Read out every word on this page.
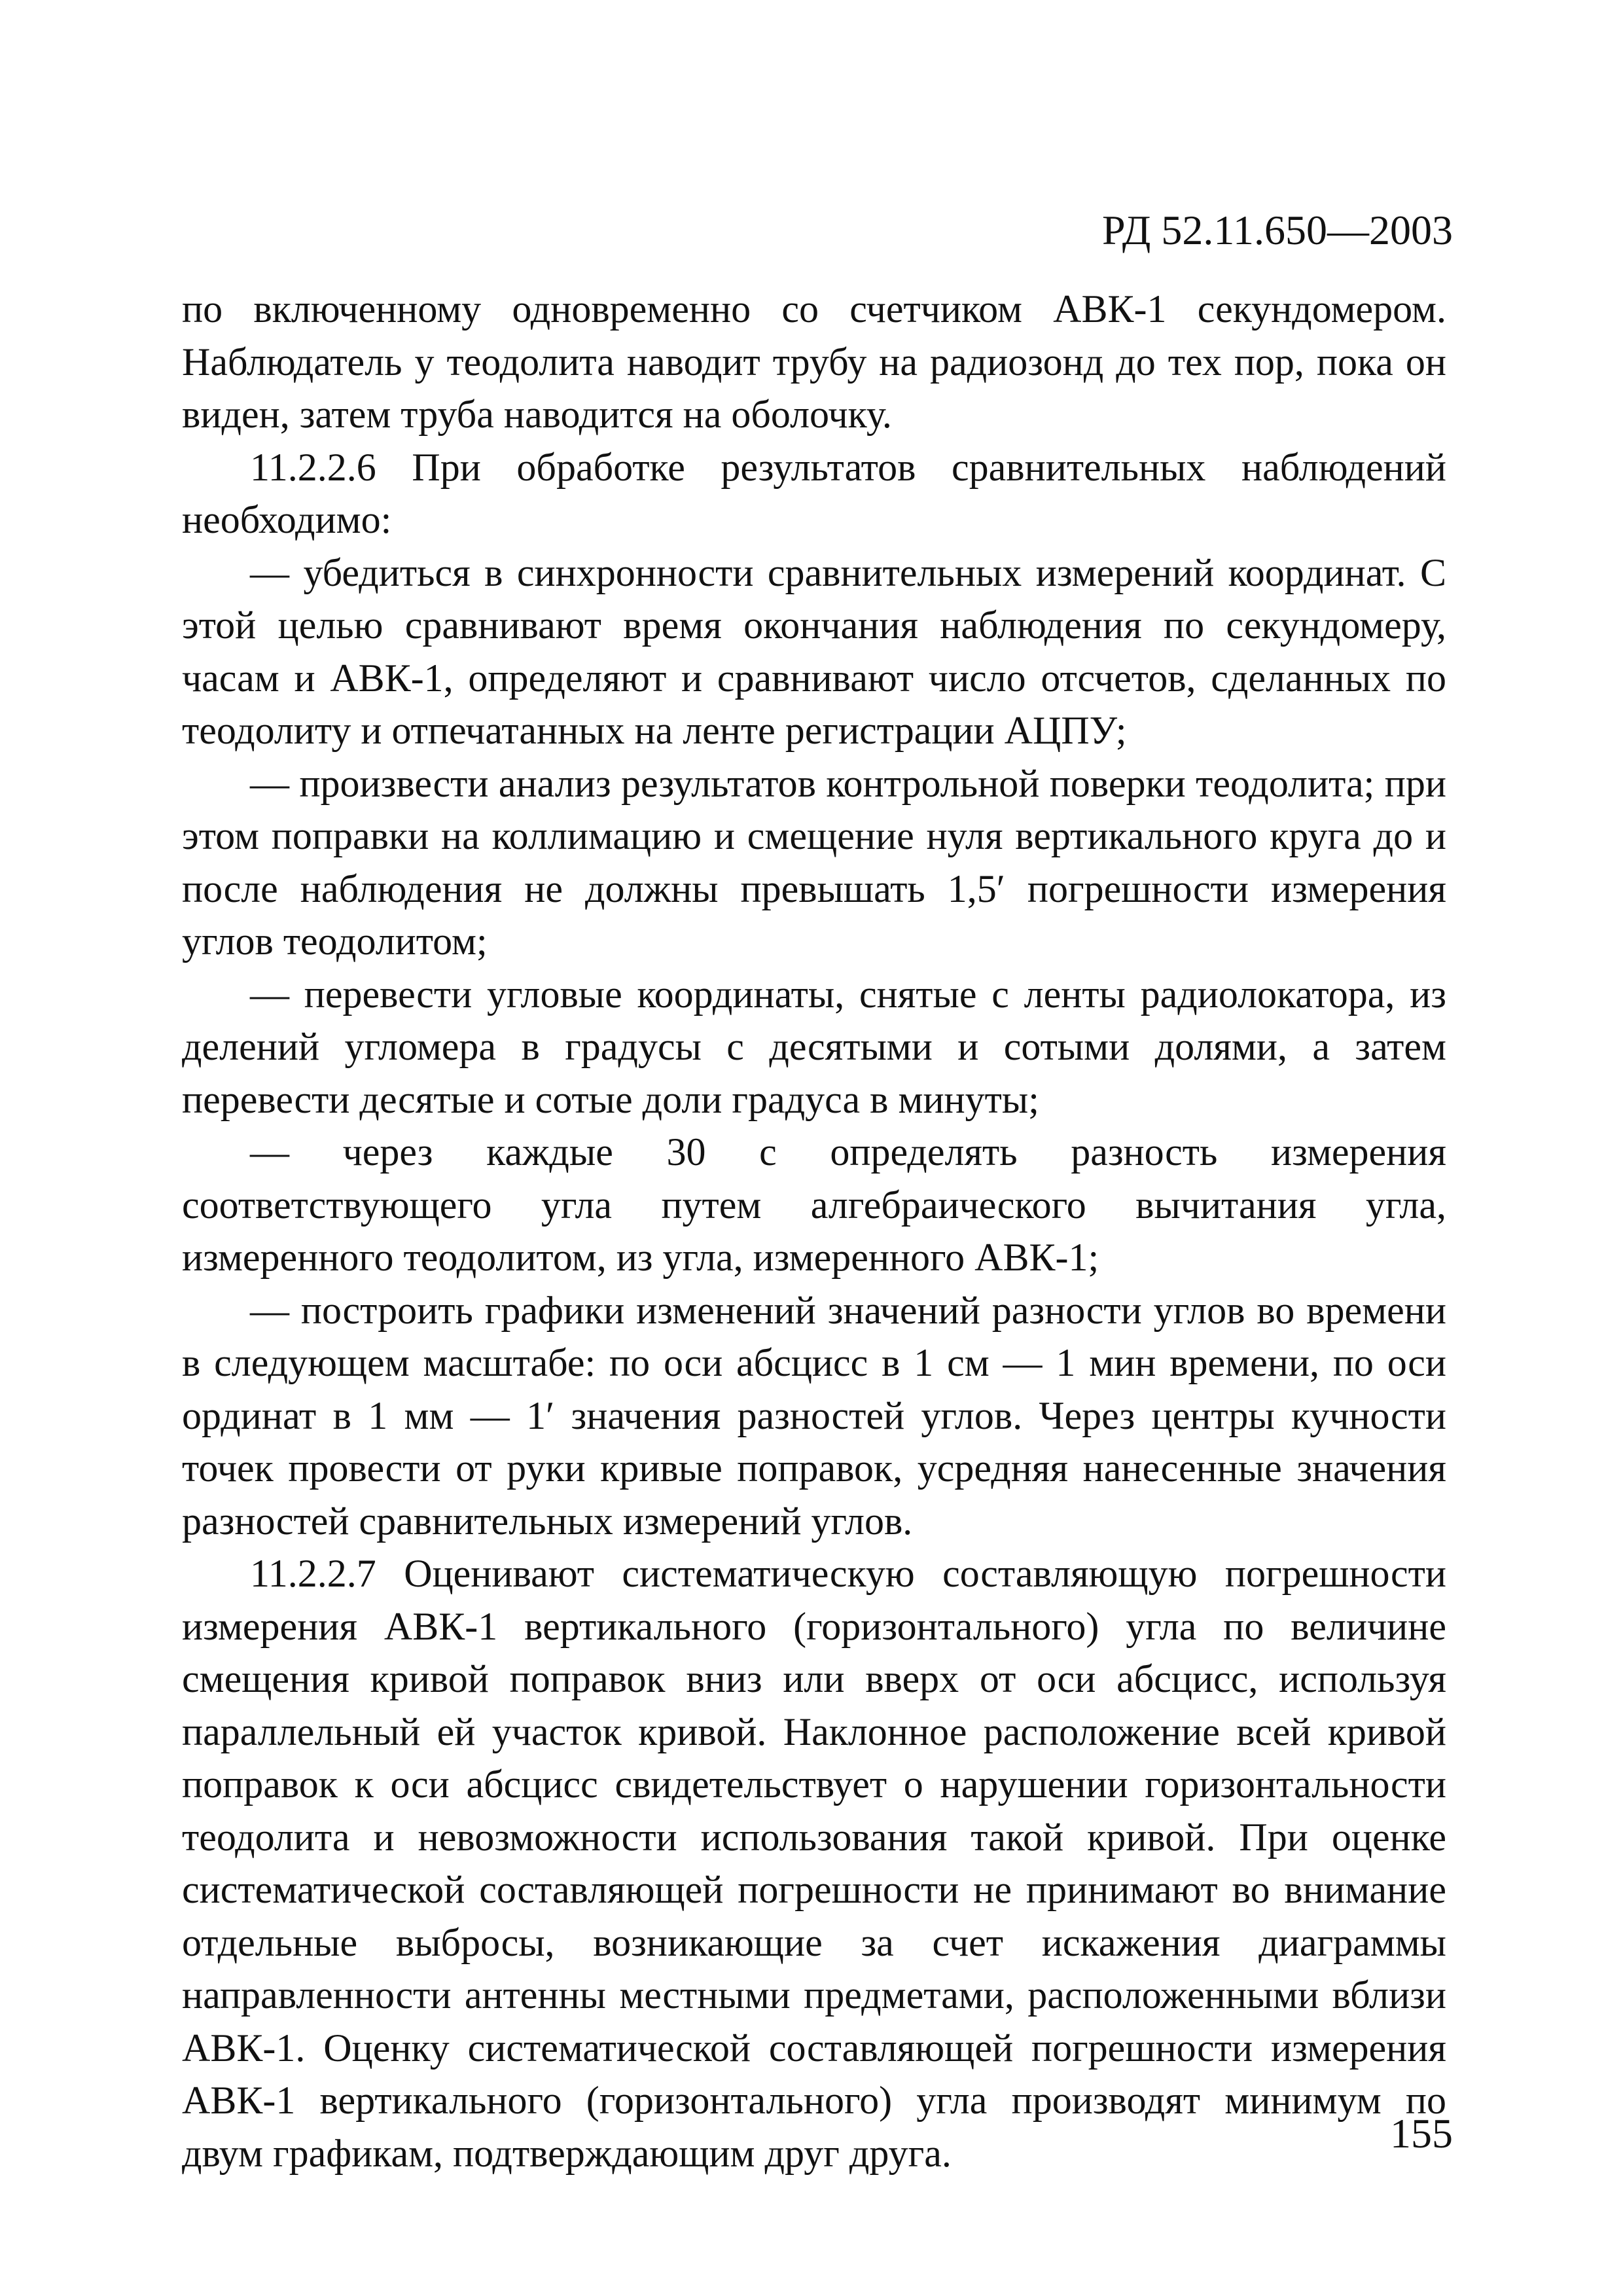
РД 52.11.650—2003

по включенному одновременно со счетчиком АВК-1 секундомером. Наблюдатель у теодолита наводит трубу на радиозонд до тех пор, пока он виден, затем труба наводится на оболочку.

11.2.2.6 При обработке результатов сравнительных наблюдений необходимо:

— убедиться в синхронности сравнительных измерений координат. С этой целью сравнивают время окончания наблюдения по секундомеру, часам и АВК-1, определяют и сравнивают число отсчетов, сделанных по теодолиту и отпечатанных на ленте регистрации АЦПУ;

— произвести анализ результатов контрольной поверки теодолита; при этом поправки на коллимацию и смещение нуля вертикального круга до и после наблюдения не должны превышать 1,5′ погрешности измерения углов теодолитом;

— перевести угловые координаты, снятые с ленты радиолокатора, из делений угломера в градусы с десятыми и сотыми долями, а затем перевести десятые и сотые доли градуса в минуты;

— через каждые 30 с определять разность измерения соответствующего угла путем алгебраического вычитания угла, измеренного теодолитом, из угла, измеренного АВК-1;

— построить графики изменений значений разности углов во времени в следующем масштабе: по оси абсцисс в 1 см — 1 мин времени, по оси ординат в 1 мм — 1′ значения разностей углов. Через центры кучности точек провести от руки кривые поправок, усредняя нанесенные значения разностей сравнительных измерений углов.

11.2.2.7 Оценивают систематическую составляющую погрешности измерения АВК-1 вертикального (горизонтального) угла по величине смещения кривой поправок вниз или вверх от оси абсцисс, используя параллельный ей участок кривой. Наклонное расположение всей кривой поправок к оси абсцисс свидетельствует о нарушении горизонтальности теодолита и невозможности использования такой кривой. При оценке систематической составляющей погрешности не принимают во внимание отдельные выбросы, возникающие за счет искажения диаграммы направленности антенны местными предметами, расположенными вблизи АВК-1. Оценку систематической составляющей погрешности измерения АВК-1 вертикального (горизонтального) угла производят минимум по двум графикам, подтверждающим друг друга.	155
